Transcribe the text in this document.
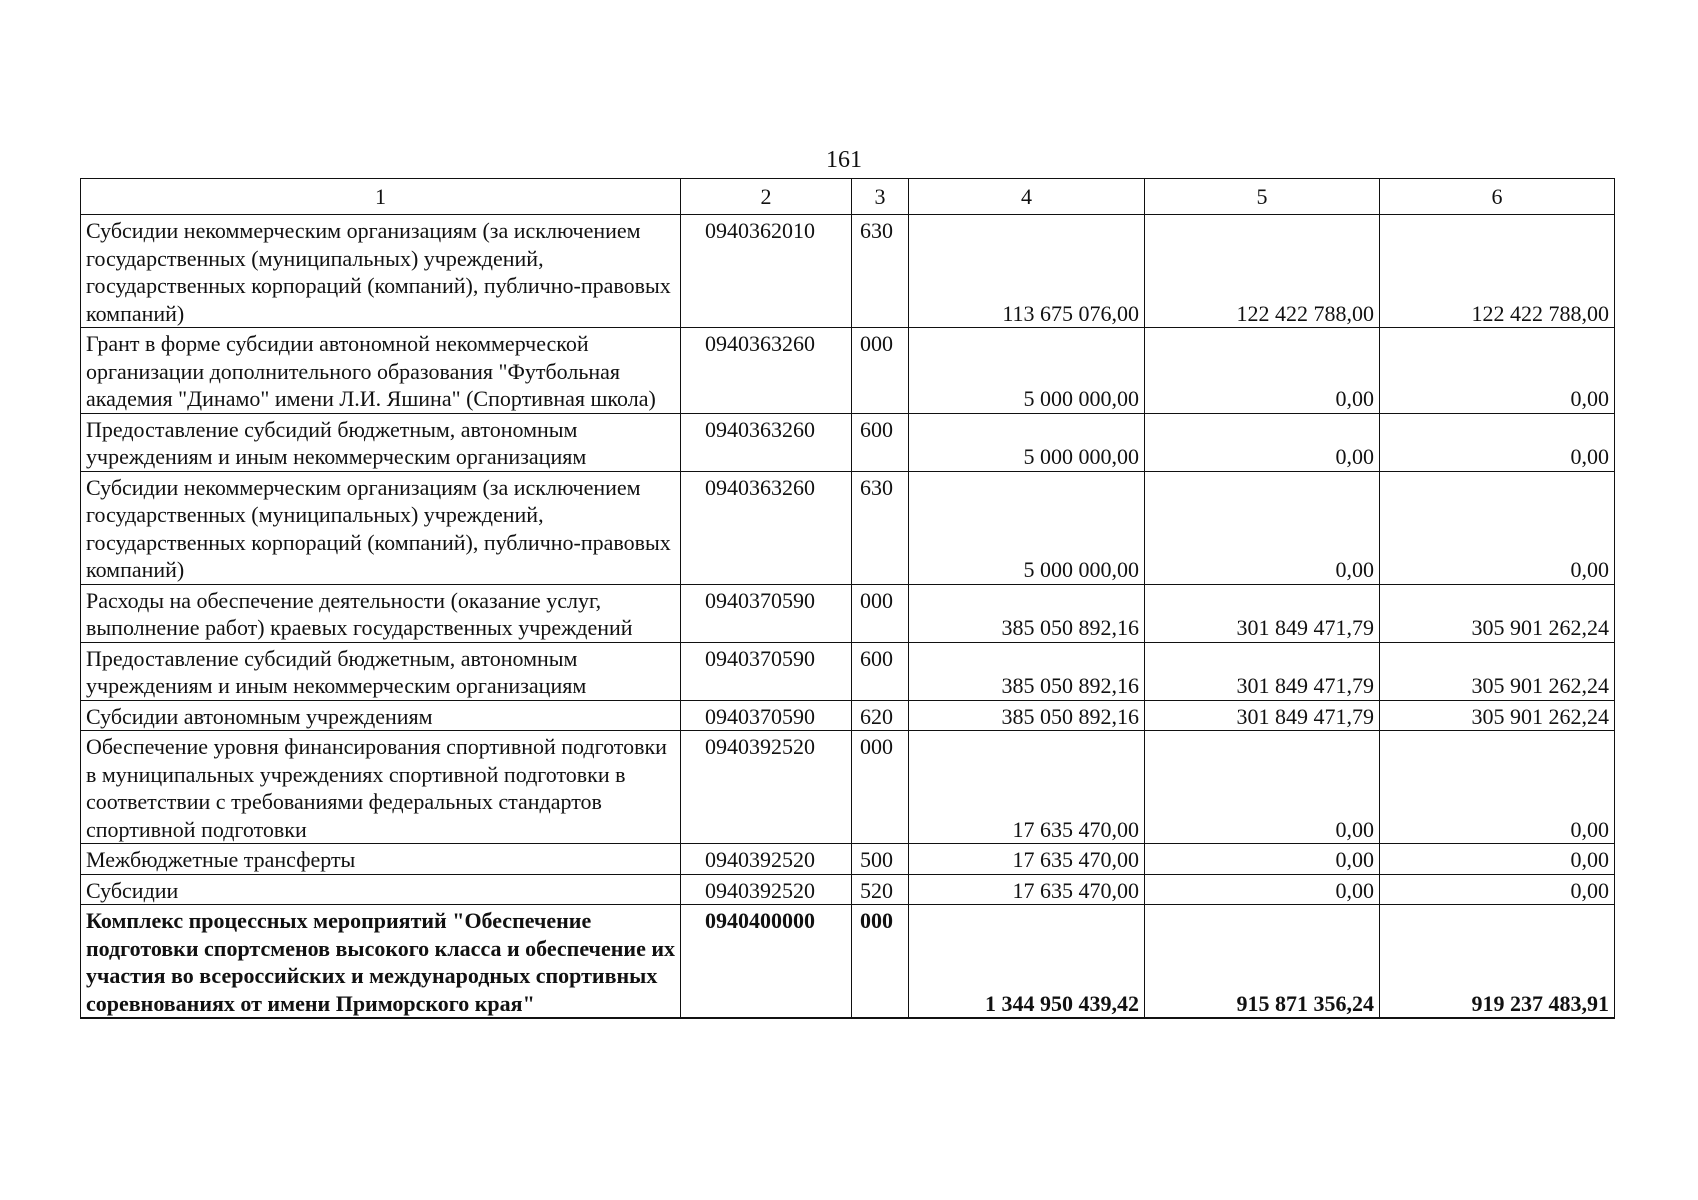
161
1	2	3	4	5	6
Субсидии некоммерческим организациям (за исключением государственных (муниципальных) учреждений, государственных корпораций (компаний), публично-правовых компаний)	0940362010	630	113 675 076,00	122 422 788,00	122 422 788,00
Грант в форме субсидии автономной некоммерческой организации дополнительного образования "Футбольная академия "Динамо" имени Л.И. Яшина" (Спортивная школа)	0940363260	000	5 000 000,00	0,00	0,00
Предоставление субсидий бюджетным, автономным учреждениям и иным некоммерческим организациям	0940363260	600	5 000 000,00	0,00	0,00
Субсидии некоммерческим организациям (за исключением государственных (муниципальных) учреждений, государственных корпораций (компаний), публично-правовых компаний)	0940363260	630	5 000 000,00	0,00	0,00
Расходы на обеспечение деятельности (оказание услуг, выполнение работ) краевых государственных учреждений	0940370590	000	385 050 892,16	301 849 471,79	305 901 262,24
Предоставление субсидий бюджетным, автономным учреждениям и иным некоммерческим организациям	0940370590	600	385 050 892,16	301 849 471,79	305 901 262,24
Субсидии автономным учреждениям	0940370590	620	385 050 892,16	301 849 471,79	305 901 262,24
Обеспечение уровня финансирования спортивной подготовки в муниципальных учреждениях спортивной подготовки в соответствии с требованиями федеральных стандартов спортивной подготовки	0940392520	000	17 635 470,00	0,00	0,00
Межбюджетные трансферты	0940392520	500	17 635 470,00	0,00	0,00
Субсидии	0940392520	520	17 635 470,00	0,00	0,00
Комплекс процессных мероприятий "Обеспечение подготовки спортсменов высокого класса и обеспечение их участия во всероссийских и международных спортивных соревнованиях от имени Приморского края"	0940400000	000	1 344 950 439,42	915 871 356,24	919 237 483,91
